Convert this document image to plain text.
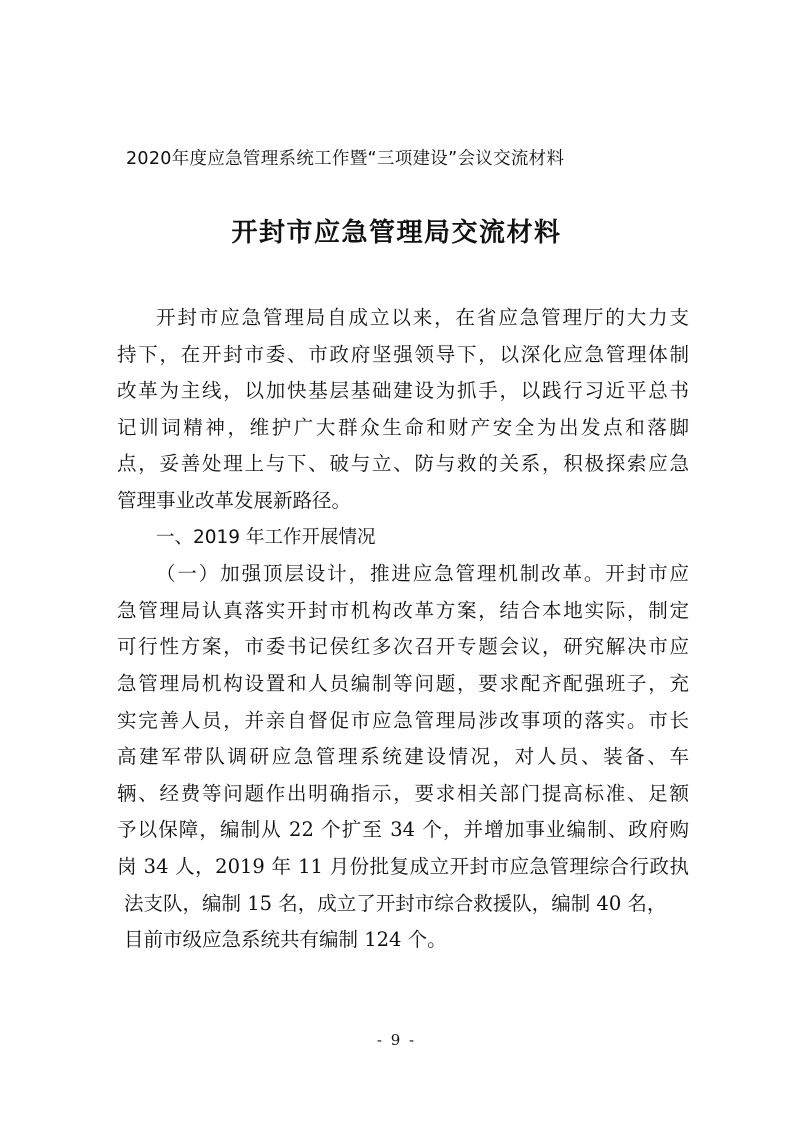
2020年度应急管理系统工作暨“三项建设”会议交流材料
开封市应急管理局交流材料
开封市应急管理局自成立以来，在省应急管理厅的大力支
持下，在开封市委、市政府坚强领导下，以深化应急管理体制
改革为主线，以加快基层基础建设为抓手，以践行习近平总书
记训词精神，维护广大群众生命和财产安全为出发点和落脚
点，妥善处理上与下、破与立、防与救的关系，积极探索应急
管理事业改革发展新路径。
一、2019 年工作开展情况
（一）加强顶层设计，推进应急管理机制改革。开封市应
急管理局认真落实开封市机构改革方案，结合本地实际，制定
可行性方案，市委书记侯红多次召开专题会议，研究解决市应
急管理局机构设置和人员编制等问题，要求配齐配强班子，充
实完善人员，并亲自督促市应急管理局涉改事项的落实。市长
高建军带队调研应急管理系统建设情况，对人员、装备、车
辆、经费等问题作出明确指示，要求相关部门提高标准、足额
予以保障，编制从 22 个扩至 34 个，并增加事业编制、政府购
岗 34 人，2019 年 11 月份批复成立开封市应急管理综合行政执
法支队，编制 15 名，成立了开封市综合救援队，编制 40 名，
目前市级应急系统共有编制 124 个。
- 9 -
